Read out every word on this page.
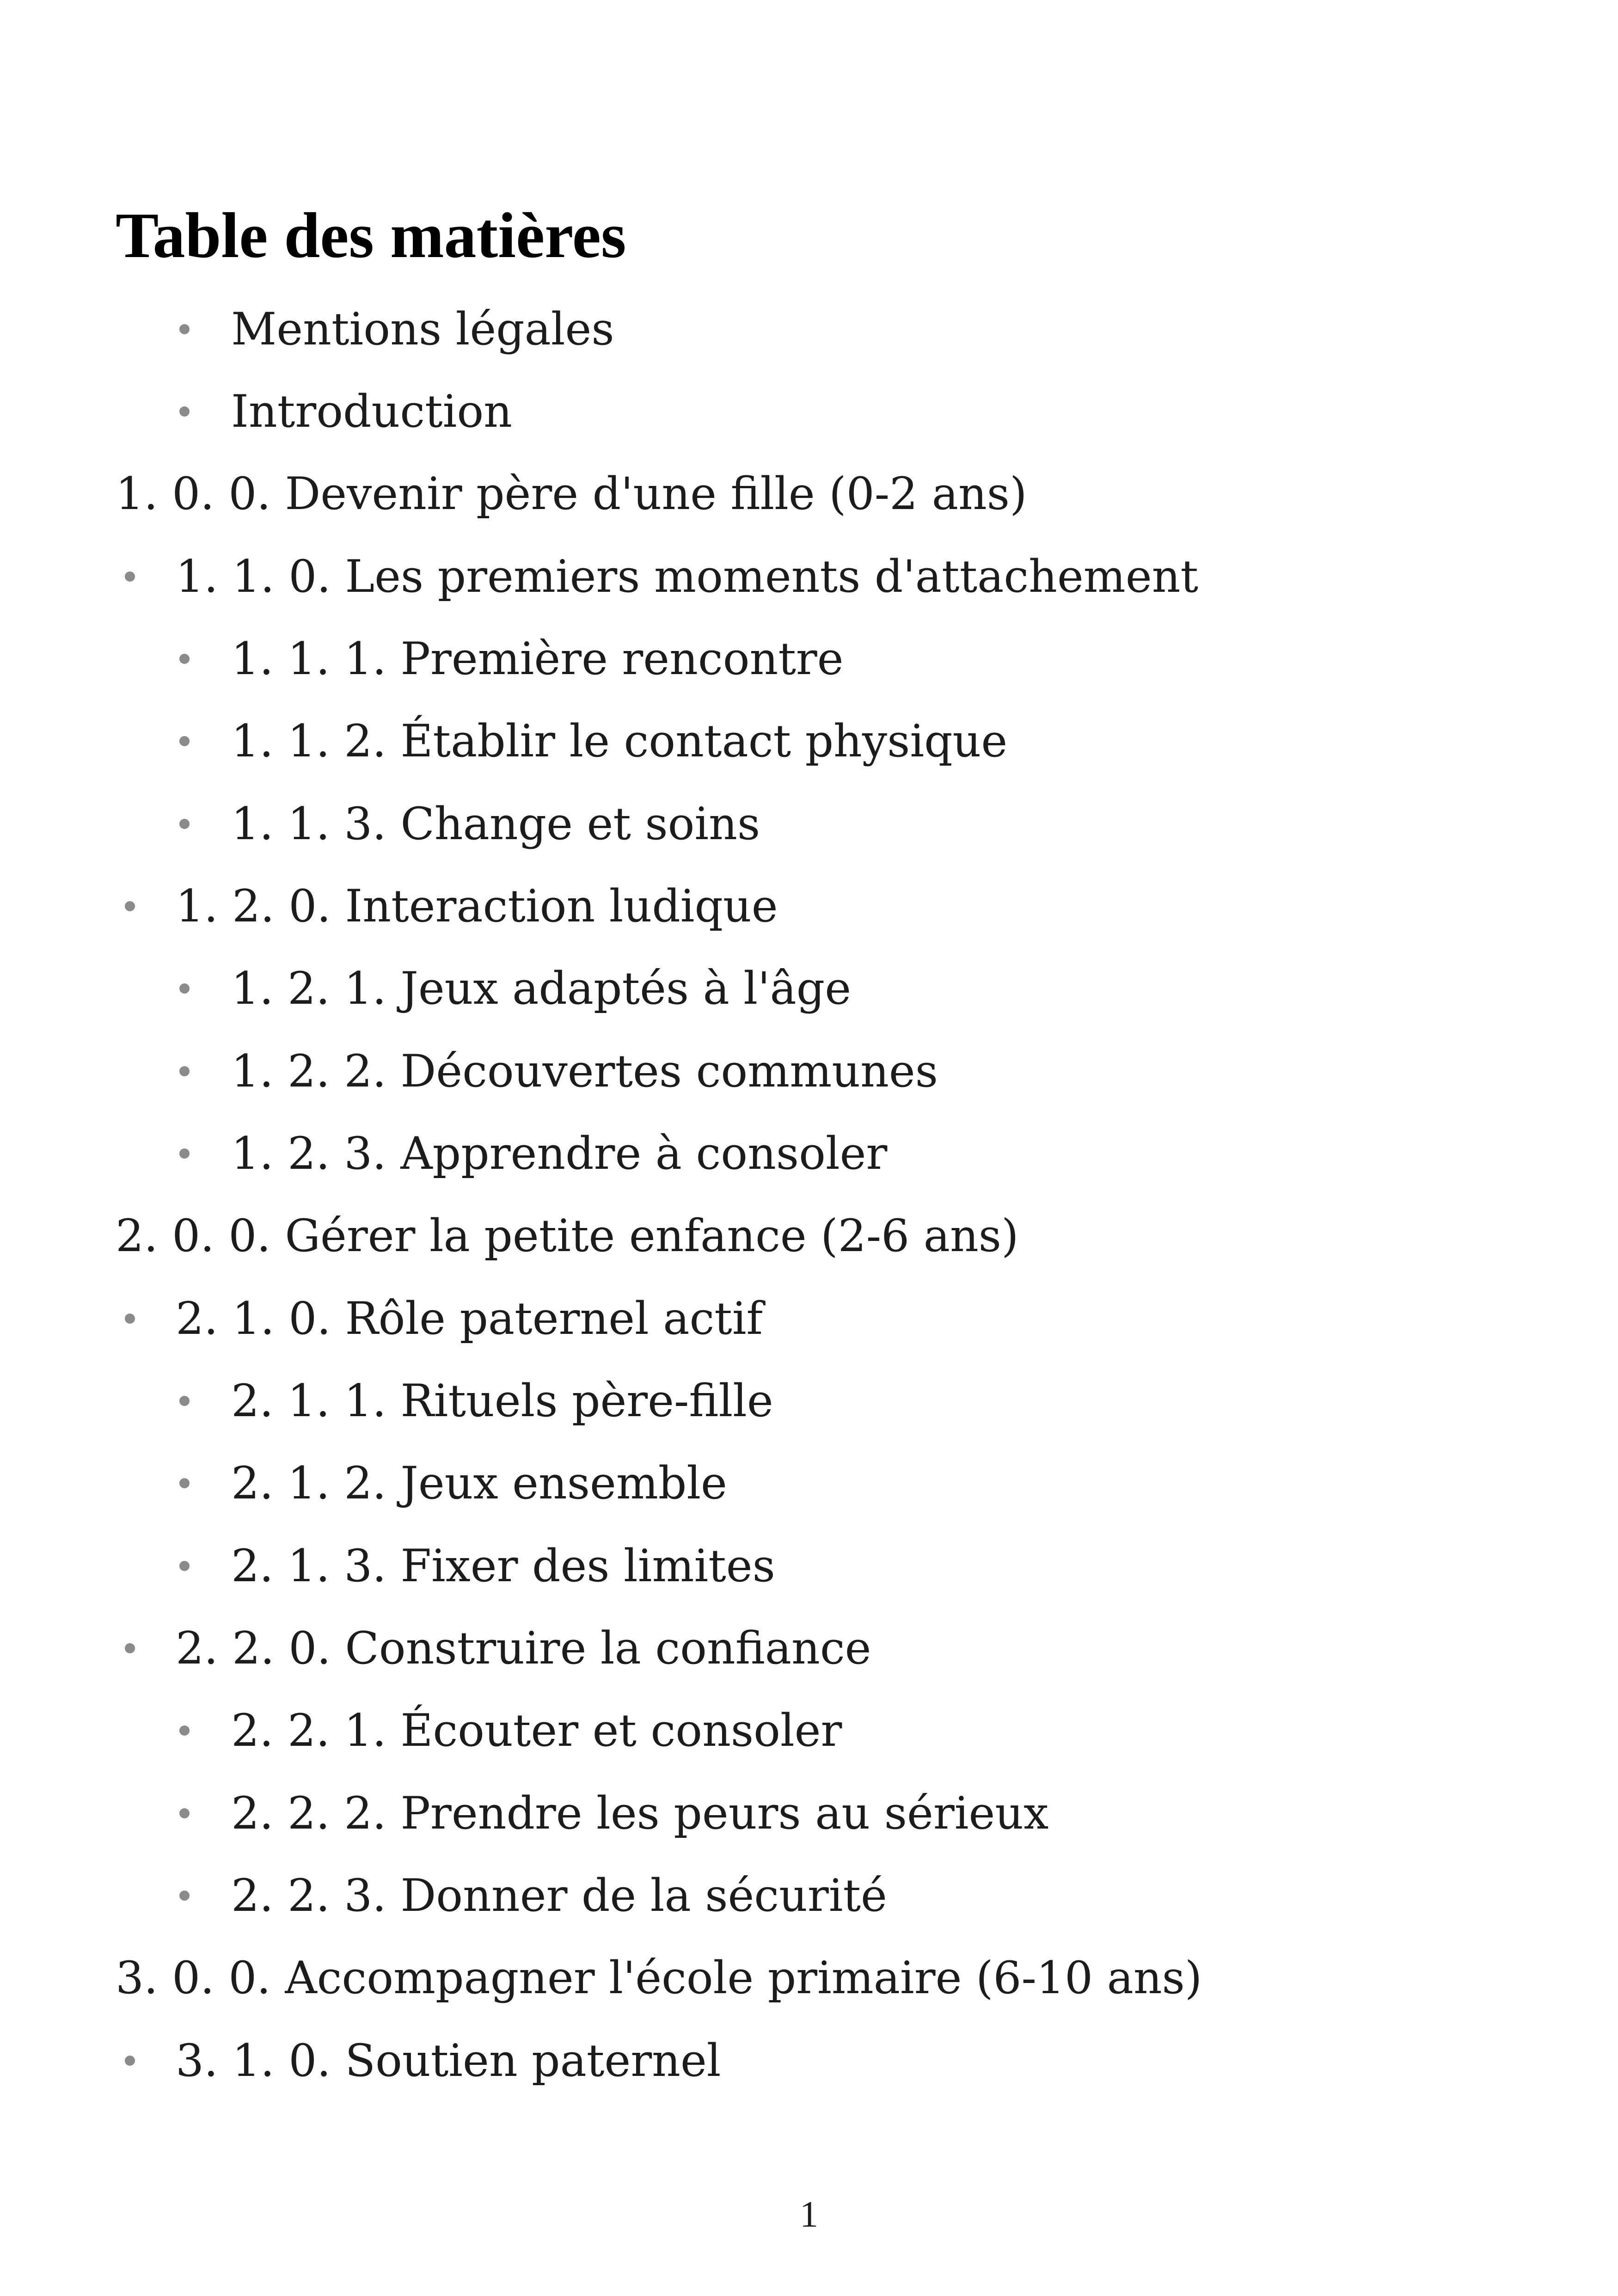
Table des matières
Mentions légales
Introduction
1. 0. 0. Devenir père d'une fille (0-2 ans)
1. 1. 0. Les premiers moments d'attachement
1. 1. 1. Première rencontre
1. 1. 2. Établir le contact physique
1. 1. 3. Change et soins
1. 2. 0. Interaction ludique
1. 2. 1. Jeux adaptés à l'âge
1. 2. 2. Découvertes communes
1. 2. 3. Apprendre à consoler
2. 0. 0. Gérer la petite enfance (2-6 ans)
2. 1. 0. Rôle paternel actif
2. 1. 1. Rituels père-fille
2. 1. 2. Jeux ensemble
2. 1. 3. Fixer des limites
2. 2. 0. Construire la confiance
2. 2. 1. Écouter et consoler
2. 2. 2. Prendre les peurs au sérieux
2. 2. 3. Donner de la sécurité
3. 0. 0. Accompagner l'école primaire (6-10 ans)
3. 1. 0. Soutien paternel
1
